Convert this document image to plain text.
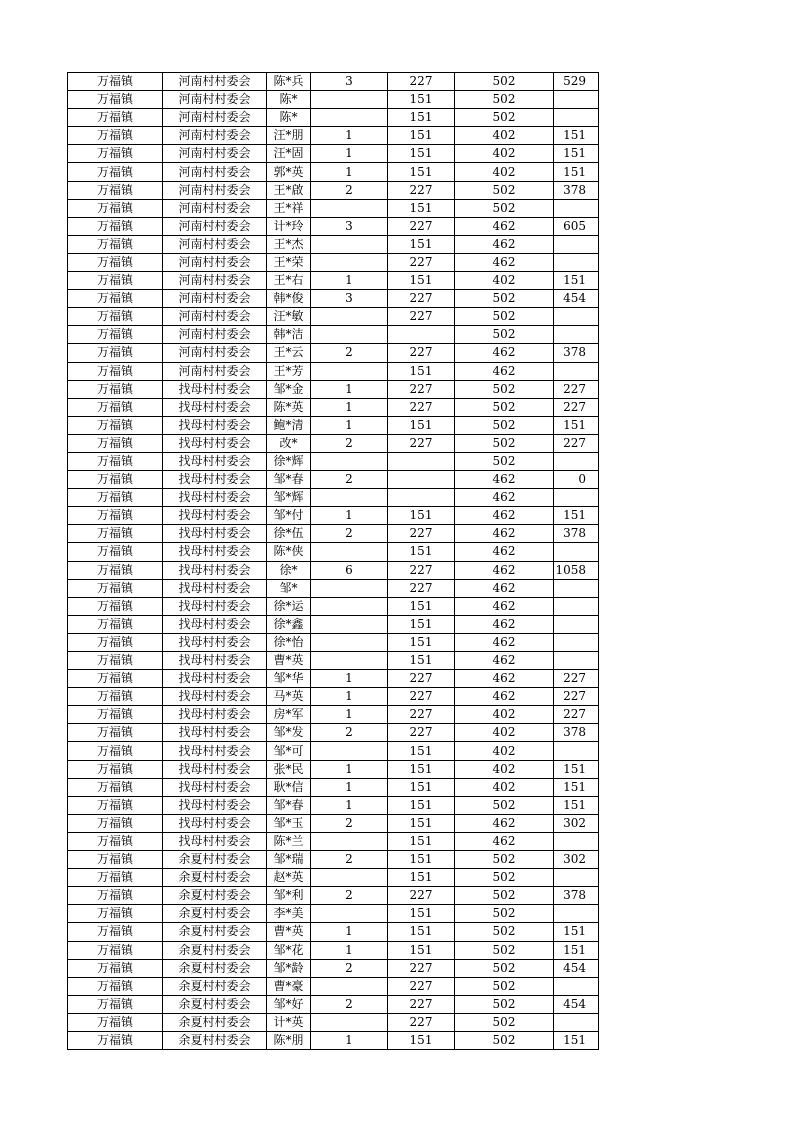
万福镇	河南村村委会	陈*兵	3	227	502	529
万福镇	河南村村委会	陈*		151	502	
万福镇	河南村村委会	陈*		151	502	
万福镇	河南村村委会	汪*朋	1	151	402	151
万福镇	河南村村委会	汪*固	1	151	402	151
万福镇	河南村村委会	郭*英	1	151	402	151
万福镇	河南村村委会	王*啟	2	227	502	378
万福镇	河南村村委会	王*祥		151	502	
万福镇	河南村村委会	计*玲	3	227	462	605
万福镇	河南村村委会	王*杰		151	462	
万福镇	河南村村委会	王*荣		227	462	
万福镇	河南村村委会	王*右	1	151	402	151
万福镇	河南村村委会	韩*俊	3	227	502	454
万福镇	河南村村委会	汪*敏		227	502	
万福镇	河南村村委会	韩*洁			502	
万福镇	河南村村委会	王*云	2	227	462	378
万福镇	河南村村委会	王*芳		151	462	
万福镇	找母村村委会	邹*金	1	227	502	227
万福镇	找母村村委会	陈*英	1	227	502	227
万福镇	找母村村委会	鲍*清	1	151	502	151
万福镇	找母村村委会	改*	2	227	502	227
万福镇	找母村村委会	徐*辉			502	
万福镇	找母村村委会	邹*春	2		462	0
万福镇	找母村村委会	邹*辉			462	
万福镇	找母村村委会	邹*付	1	151	462	151
万福镇	找母村村委会	徐*伍	2	227	462	378
万福镇	找母村村委会	陈*侠		151	462	
万福镇	找母村村委会	徐*	6	227	462	1058
万福镇	找母村村委会	邹*		227	462	
万福镇	找母村村委会	徐*运		151	462	
万福镇	找母村村委会	徐*鑫		151	462	
万福镇	找母村村委会	徐*怡		151	462	
万福镇	找母村村委会	曹*英		151	462	
万福镇	找母村村委会	邹*华	1	227	462	227
万福镇	找母村村委会	马*英	1	227	462	227
万福镇	找母村村委会	房*军	1	227	402	227
万福镇	找母村村委会	邹*发	2	227	402	378
万福镇	找母村村委会	邹*可		151	402	
万福镇	找母村村委会	张*民	1	151	402	151
万福镇	找母村村委会	耿*信	1	151	402	151
万福镇	找母村村委会	邹*春	1	151	502	151
万福镇	找母村村委会	邹*玉	2	151	462	302
万福镇	找母村村委会	陈*兰		151	462	
万福镇	余夏村村委会	邹*瑞	2	151	502	302
万福镇	余夏村村委会	赵*英		151	502	
万福镇	余夏村村委会	邹*利	2	227	502	378
万福镇	余夏村村委会	李*美		151	502	
万福镇	余夏村村委会	曹*英	1	151	502	151
万福镇	余夏村村委会	邹*花	1	151	502	151
万福镇	余夏村村委会	邹*龄	2	227	502	454
万福镇	余夏村村委会	曹*豪		227	502	
万福镇	余夏村村委会	邹*好	2	227	502	454
万福镇	余夏村村委会	计*英		227	502	
万福镇	余夏村村委会	陈*朋	1	151	502	151
